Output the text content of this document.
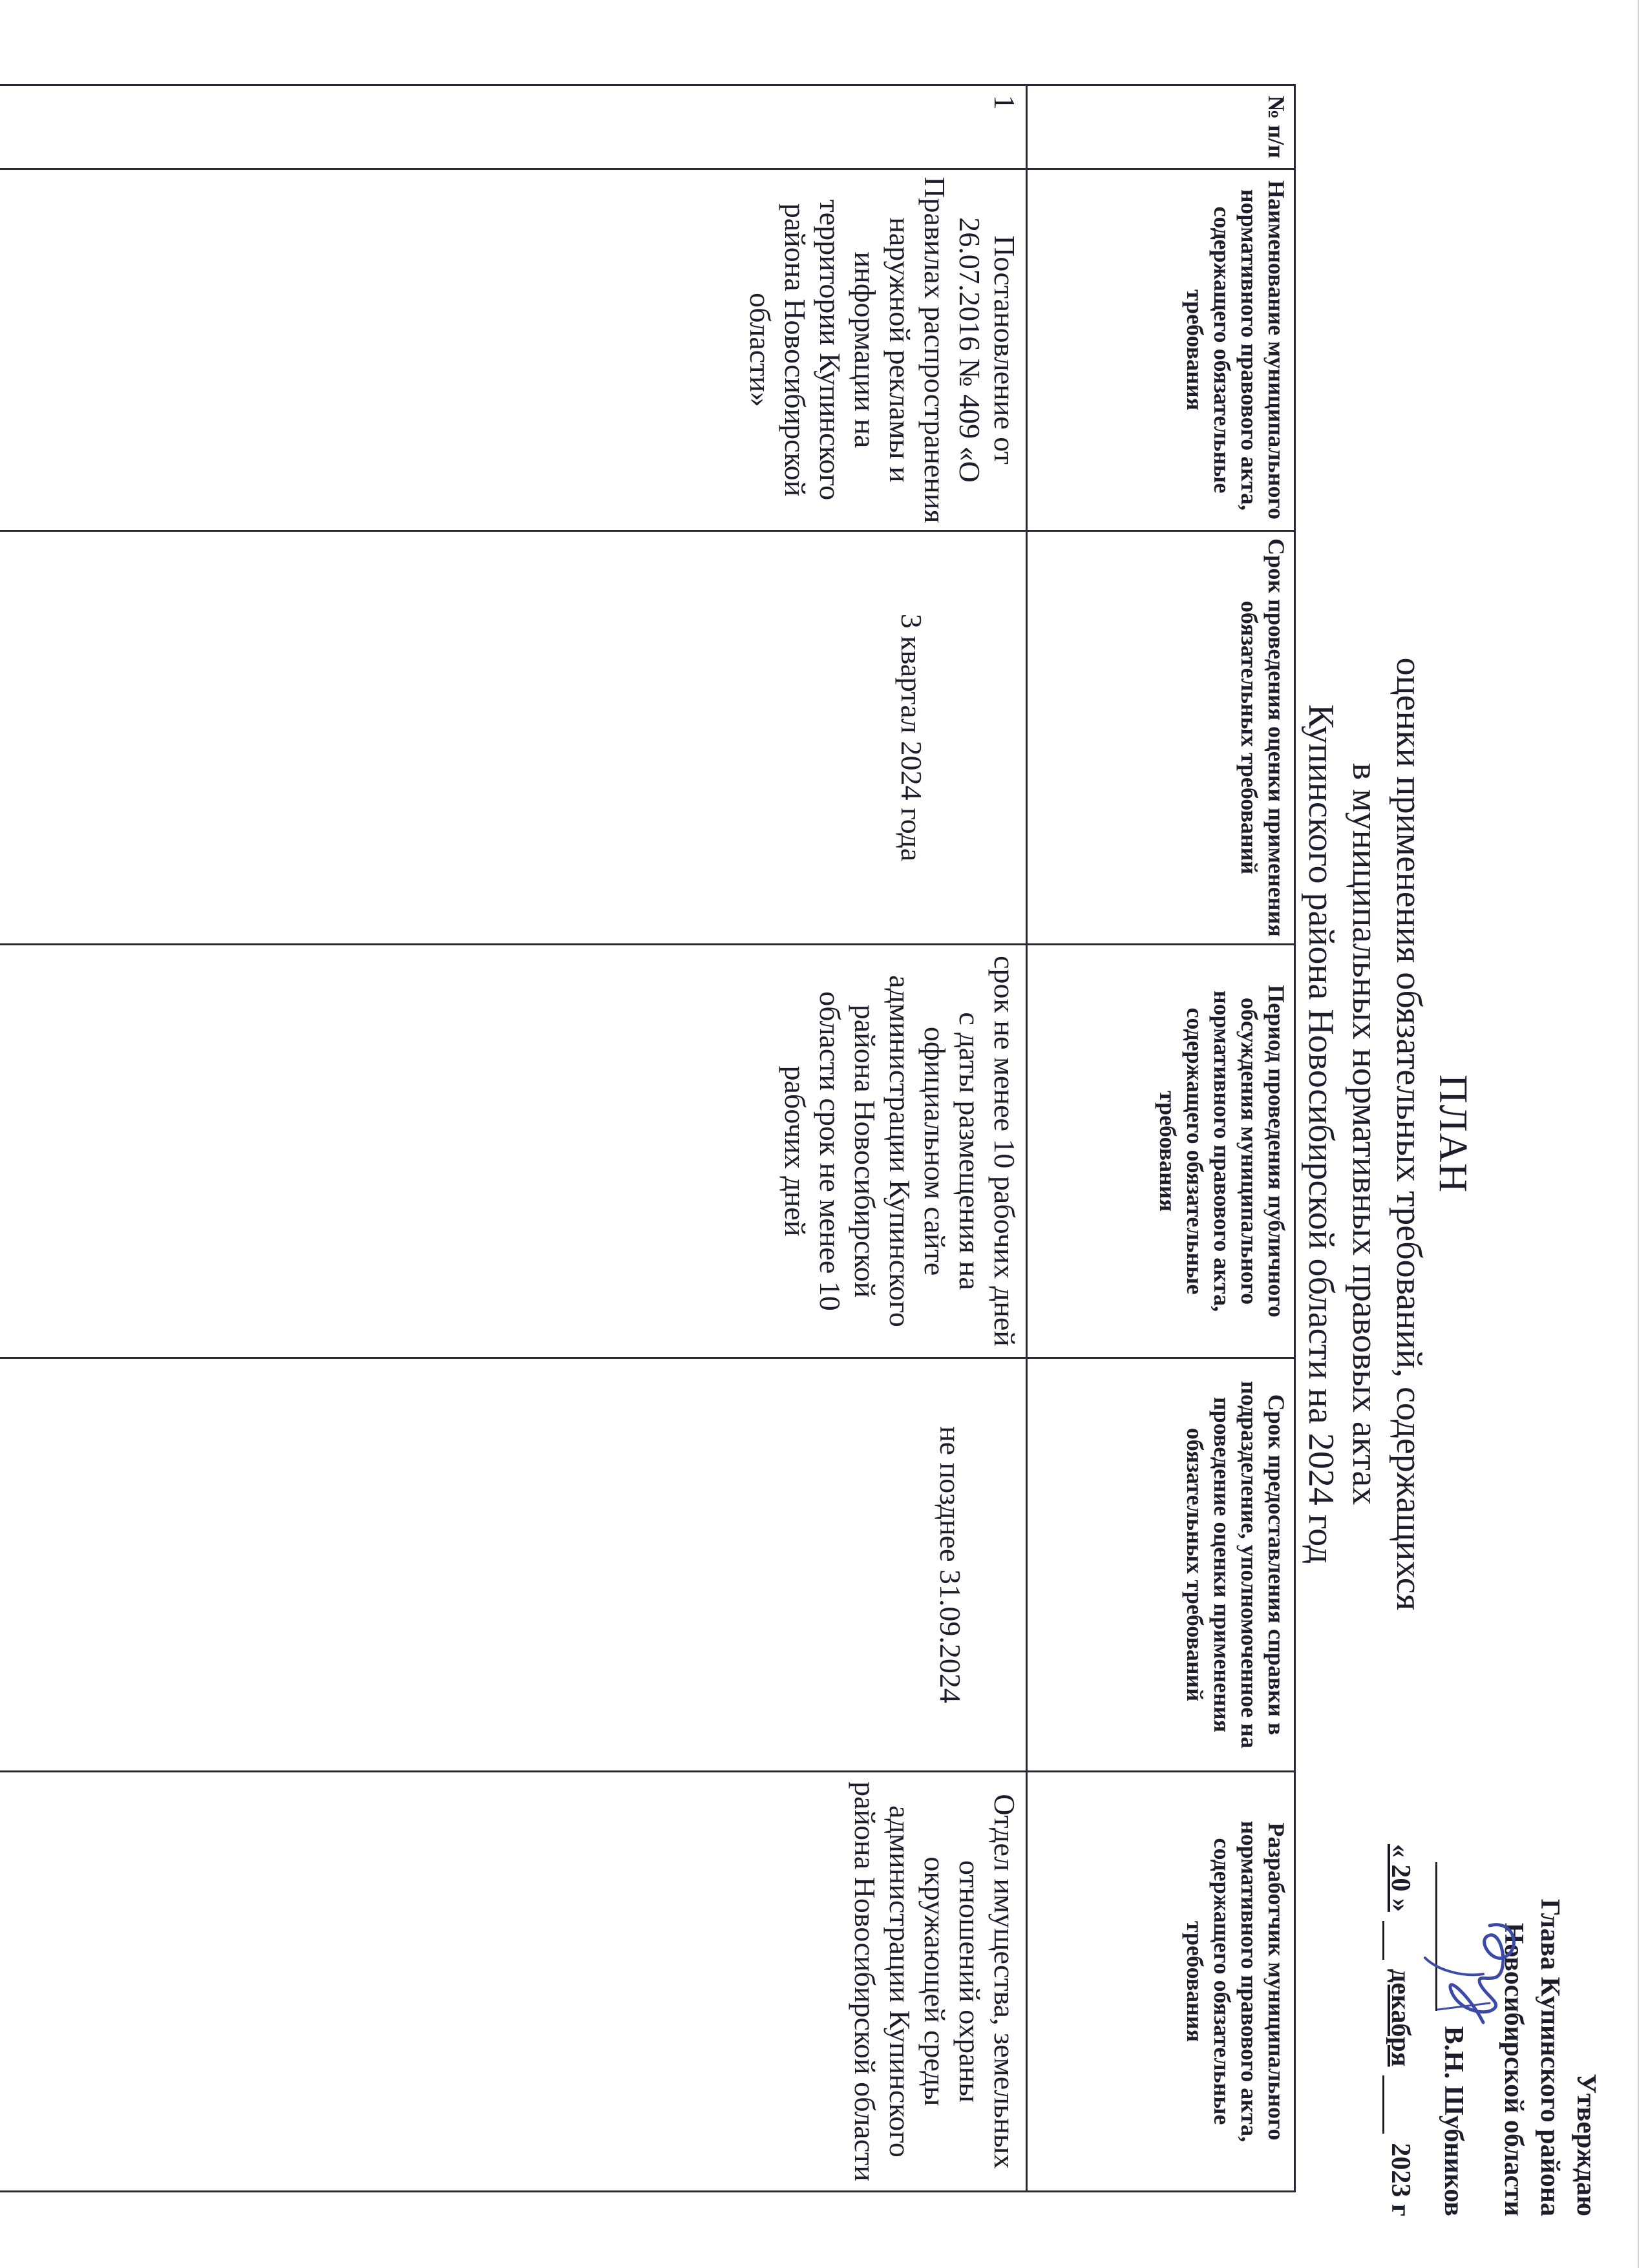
Утверждаю
Глава Купинского района
Новосибирской области
В.Н. Шубников
« 20 »
декабря
2023 г
ПЛАН
оценки применения обязательных требований, содержащихся
в муниципальных нормативных правовых актах
Купинского района Новосибирской области на 2024 год
№ п/п	Наименование муниципального нормативного правового акта, содержащего обязательные требования	Срок проведения оценки применения обязательных требований	Период проведения публичного обсуждения муниципального нормативного правового акта, содержащего обязательные требования	Срок предоставления справки в подразделение, уполномоченное на проведение оценки применения обязательных требований	Разработчик муниципального нормативного правового акта, содержащего обязательные требования
1	Постановление от 26.07.2016 № 409 «О Правилах распространения наружной рекламы и информации на территории Купинского района Новосибирской области»	3 квартал 2024 года	срок не менее 10 рабочих дней с даты размещения на официальном сайте администрации Купинского района Новосибирской области срок не менее 10 рабочих дней	не позднее 31.09.2024	Отдел имущества, земельных отношений охраны окружающей среды администрации Купинского района Новосибирской области
